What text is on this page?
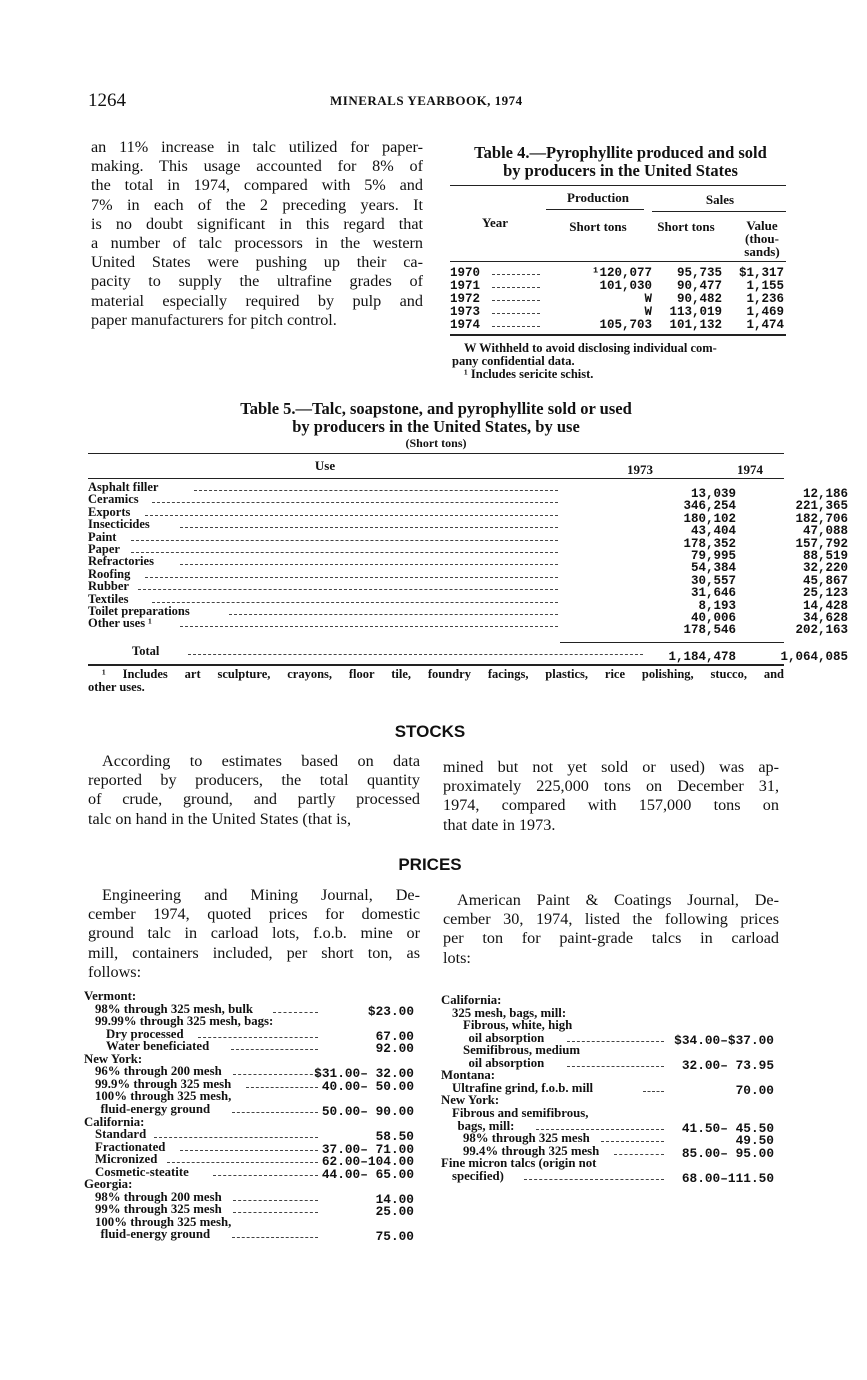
1264	MINERALS YEARBOOK, 1974
an 11% increase in talc utilized for paper-
making. This usage accounted for 8% of
the total in 1974, compared with 5% and
7% in each of the 2 preceding years. It
is no doubt significant in this regard that
a number of talc processors in the western
United States were pushing up their ca-
pacity to supply the ultrafine grades of
material especially required by pulp and
paper manufacturers for pitch control.
Table 4.—Pyrophyllite produced and sold
by producers in the United States
Year
Production	Sales
Short tons Short tons	Value (thou- sands)
1970	¹120,077	95,735	$1,317
1971	101,030	90,477	1,155
1972	W	90,482	1,236
1973	W	113,019	1,469
1974	105,703	101,132	1,474
W Withheld to avoid disclosing individual com-
pany confidential data.
¹ Includes sericite schist.
Table 5.—Talc, soapstone, and pyrophyllite sold or used
by producers in the United States, by use
(Short tons)
Use	1973	1974
Asphalt filler	13,039	12,186
Ceramics	346,254	221,365
Exports	180,102	182,706
Insecticides	43,404	47,088
Paint	178,352	157,792
Paper	79,995	88,519
Refractories	54,384	32,220
Roofing	30,557	45,867
Rubber	31,646	25,123
Textiles	8,193	14,428
Toilet preparations	40,006	34,628
Other uses ¹	178,546	202,163
Total	1,184,478	1,064,085
¹ Includes art sculpture, crayons, floor tile, foundry facings, plastics, rice polishing, stucco, and
other uses.
STOCKS
According to estimates based on data
reported by producers, the total quantity
of crude, ground, and partly processed
talc on hand in the United States (that is,
mined but not yet sold or used) was ap-
proximately 225,000 tons on December 31,
1974, compared with 157,000 tons on
that date in 1973.
PRICES
Engineering and Mining Journal, De-
cember 1974, quoted prices for domestic
ground talc in carload lots, f.o.b. mine or
mill, containers included, per short ton, as
follows:
American Paint & Coatings Journal, De-
cember 30, 1974, listed the following prices
per ton for paint-grade talcs in carload
lots:
Vermont:
98% through 325 mesh, bulk	$23.00
99.99% through 325 mesh, bags:
Dry processed	67.00
Water beneficiated	92.00
New York:
96% through 200 mesh	$31.00– 32.00
99.9% through 325 mesh	40.00– 50.00
100% through 325 mesh,
fluid-energy ground	50.00– 90.00
California:
Standard	58.50
Fractionated	37.00– 71.00
Micronized	62.00–104.00
Cosmetic-steatite	44.00– 65.00
Georgia:
98% through 200 mesh	14.00
99% through 325 mesh	25.00
100% through 325 mesh,
fluid-energy ground	75.00
California:
325 mesh, bags, mill:
Fibrous, white, high
oil absorption	$34.00–$37.00
Semifibrous, medium
oil absorption	32.00– 73.95
Montana:
Ultrafine grind, f.o.b. mill	70.00
New York:
Fibrous and semifibrous,
bags, mill:	41.50– 45.50
98% through 325 mesh	49.50
99.4% through 325 mesh	85.00– 95.00
Fine micron talcs (origin not
specified)	68.00–111.50
